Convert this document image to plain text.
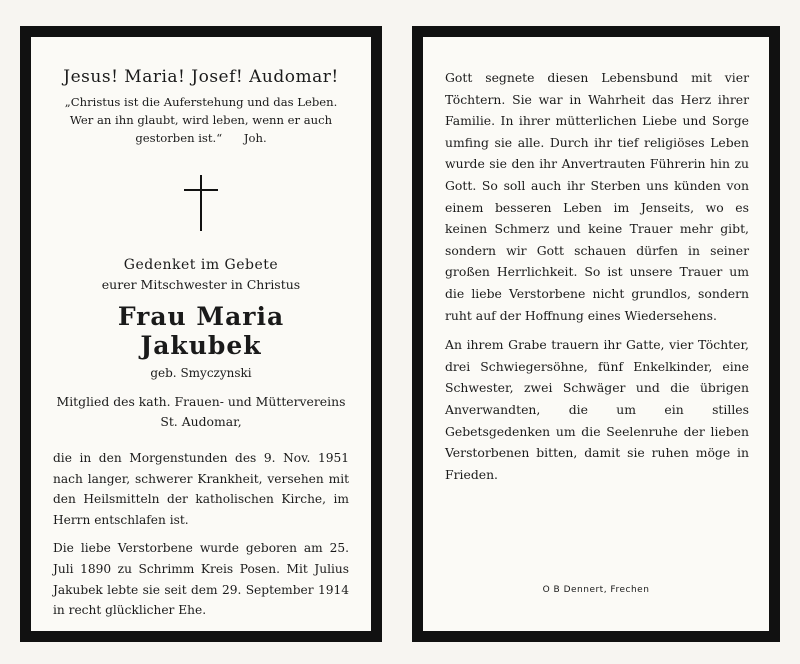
Jesus! Maria! Josef! Audomar!

„Christus ist die Auferstehung und das Leben. Wer an ihn glaubt, wird leben, wenn er auch gestorben ist.“ Joh.

Gedenket im Gebete

eurer Mitschwester in Christus

Frau Maria Jakubek

geb. Smyczynski

Mitglied des kath. Frauen- und Müttervereins St. Audomar,

die in den Morgenstunden des 9. Nov. 1951 nach langer, schwerer Krankheit, versehen mit den Heilsmitteln der katholischen Kirche, im Herrn entschlafen ist.

Die liebe Verstorbene wurde geboren am 25. Juli 1890 zu Schrimm Kreis Posen. Mit Julius Jakubek lebte sie seit dem 29. September 1914 in recht glücklicher Ehe.

Gott segnete diesen Lebensbund mit vier Töchtern. Sie war in Wahrheit das Herz ihrer Familie. In ihrer mütterlichen Liebe und Sorge umfing sie alle. Durch ihr tief religiöses Leben wurde sie den ihr Anvertrauten Führerin hin zu Gott. So soll auch ihr Sterben uns künden von einem besseren Leben im Jenseits, wo es keinen Schmerz und keine Trauer mehr gibt, sondern wir Gott schauen dürfen in seiner großen Herrlichkeit. So ist unsere Trauer um die liebe Verstorbene nicht grundlos, sondern ruht auf der Hoffnung eines Wiedersehens.

An ihrem Grabe trauern ihr Gatte, vier Töchter, drei Schwiegersöhne, fünf Enkelkinder, eine Schwester, zwei Schwäger und die übrigen Anverwandten, die um ein stilles Gebetsgedenken um die Seelenruhe der lieben Verstorbenen bitten, damit sie ruhen möge in Frieden.

O B Dennert, Frechen
